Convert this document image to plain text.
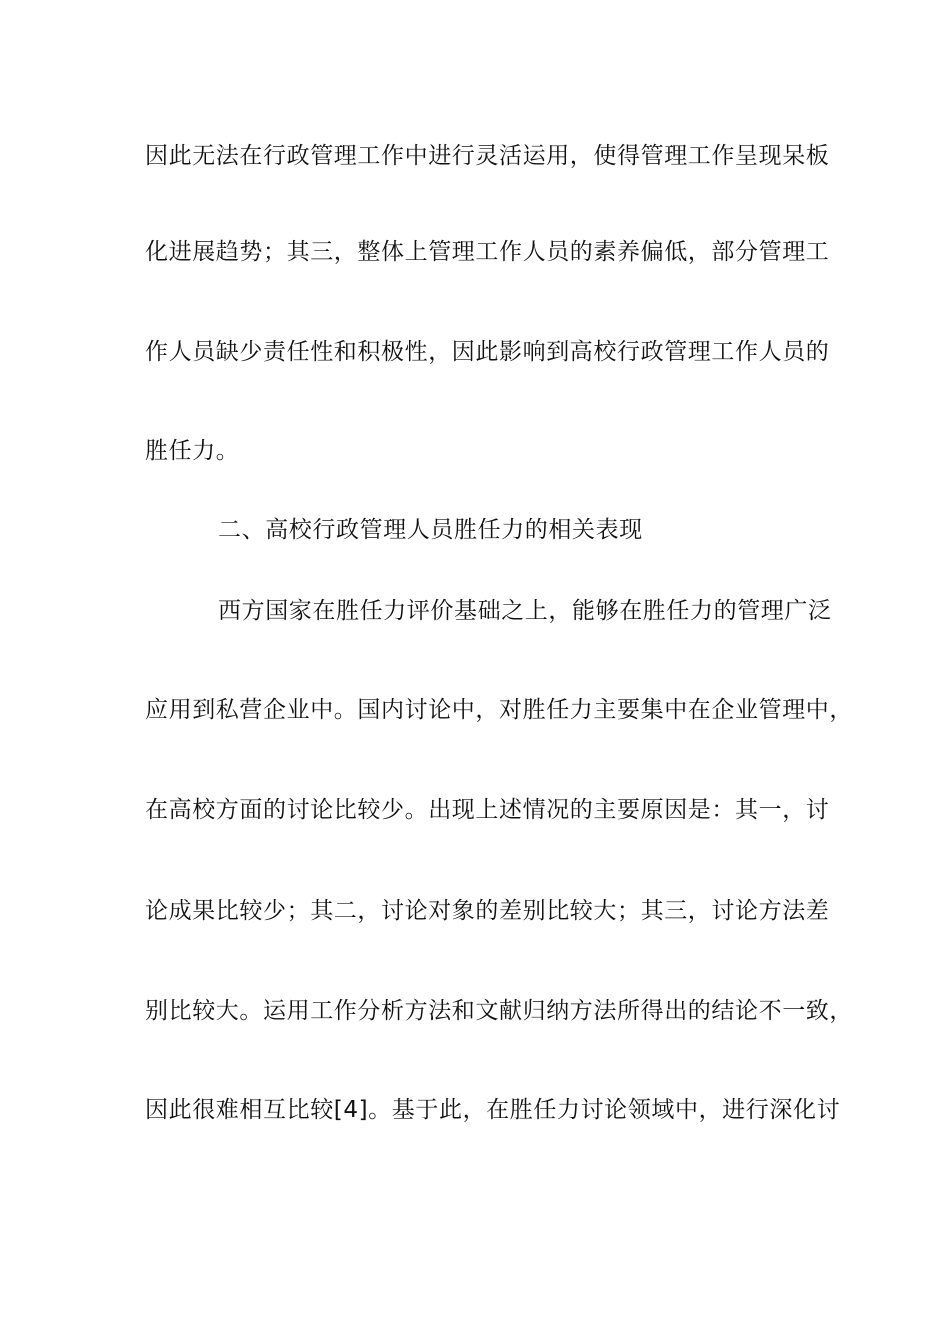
因此无法在行政管理工作中进行灵活运用，使得管理工作呈现呆板
化进展趋势；其三，整体上管理工作人员的素养偏低，部分管理工
作人员缺少责任性和积极性，因此影响到高校行政管理工作人员的
胜任力。
二、高校行政管理人员胜任力的相关表现
西方国家在胜任力评价基础之上，能够在胜任力的管理广泛
应用到私营企业中。国内讨论中，对胜任力主要集中在企业管理中，
在高校方面的讨论比较少。出现上述情况的主要原因是：其一，讨
论成果比较少；其二，讨论对象的差别比较大；其三，讨论方法差
别比较大。运用工作分析方法和文献归纳方法所得出的结论不一致，
因此很难相互比较[4]。基于此，在胜任力讨论领域中，进行深化讨
